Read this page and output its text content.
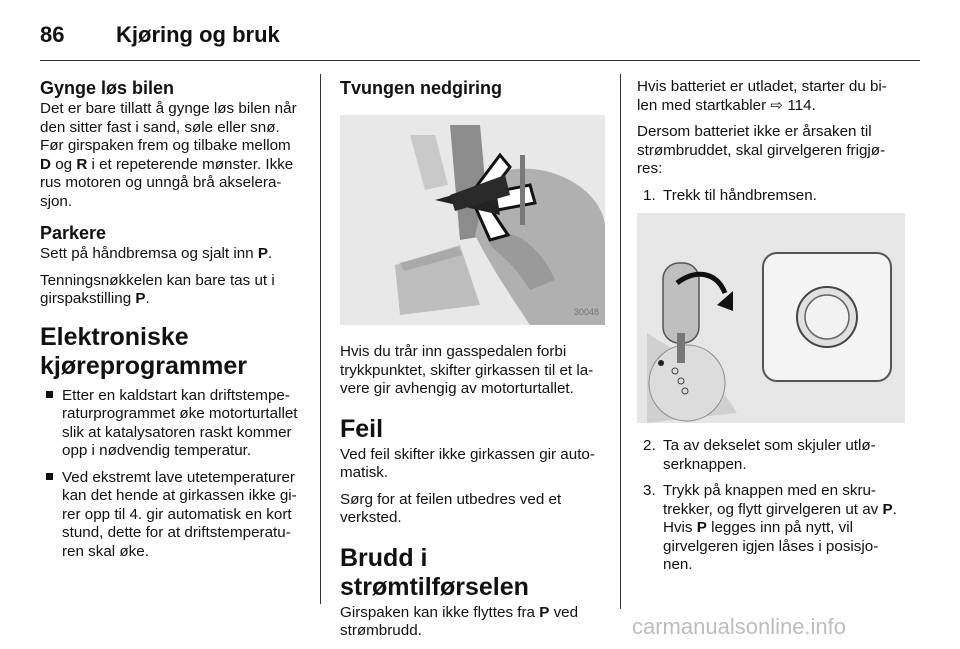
86 Kjøring og bruk
Gynge løs bilen

Det er bare tillatt å gynge løs bilen når den sitter fast i sand, søle eller snø. Før girspaken frem og tilbake mellom D og R i et repeterende mønster. Ikke rus motoren og unngå brå akselera-sjon.

Parkere

Sett på håndbremsa og sjalt inn P.

Tenningsnøkkelen kan bare tas ut i girspakstilling P.

Elektroniske
kjøreprogrammer
Etter en kaldstart kan driftstempe-raturprogrammet øke motorturtallet slik at katalysatoren raskt kommer opp i nødvendig temperatur.
Ved ekstremt lave utetemperaturer kan det hende at girkassen ikke gi-rer opp til 4. gir automatisk en kort stund, dette for at driftstemperatu-ren skal øke.
Tvungen nedgiring
30048

Hvis du trår inn gasspedalen forbi trykkpunktet, skifter girkassen til et la-vere gir avhengig av motorturtallet.

Feil

Ved feil skifter ikke girkassen gir auto-matisk.

Sørg for at feilen utbedres ved et verksted.

Brudd i strømtilførselen

Girspaken kan ikke flyttes fra P ved strømbrudd.

Hvis batteriet er utladet, starter du bi-len med startkabler ⇨ 114.

Dersom batteriet ikke er årsaken til strømbruddet, skal girvelgeren frigjø-res:

1. Trekk til håndbremsen.
2. Ta av dekselet som skjuler utlø-serknappen.
3. Trykk på knappen med en skru-trekker, og flytt girvelgeren ut av P. Hvis P legges inn på nytt, vil girvelgeren igjen låses i posisjo-nen.
carmanualsonline.info
